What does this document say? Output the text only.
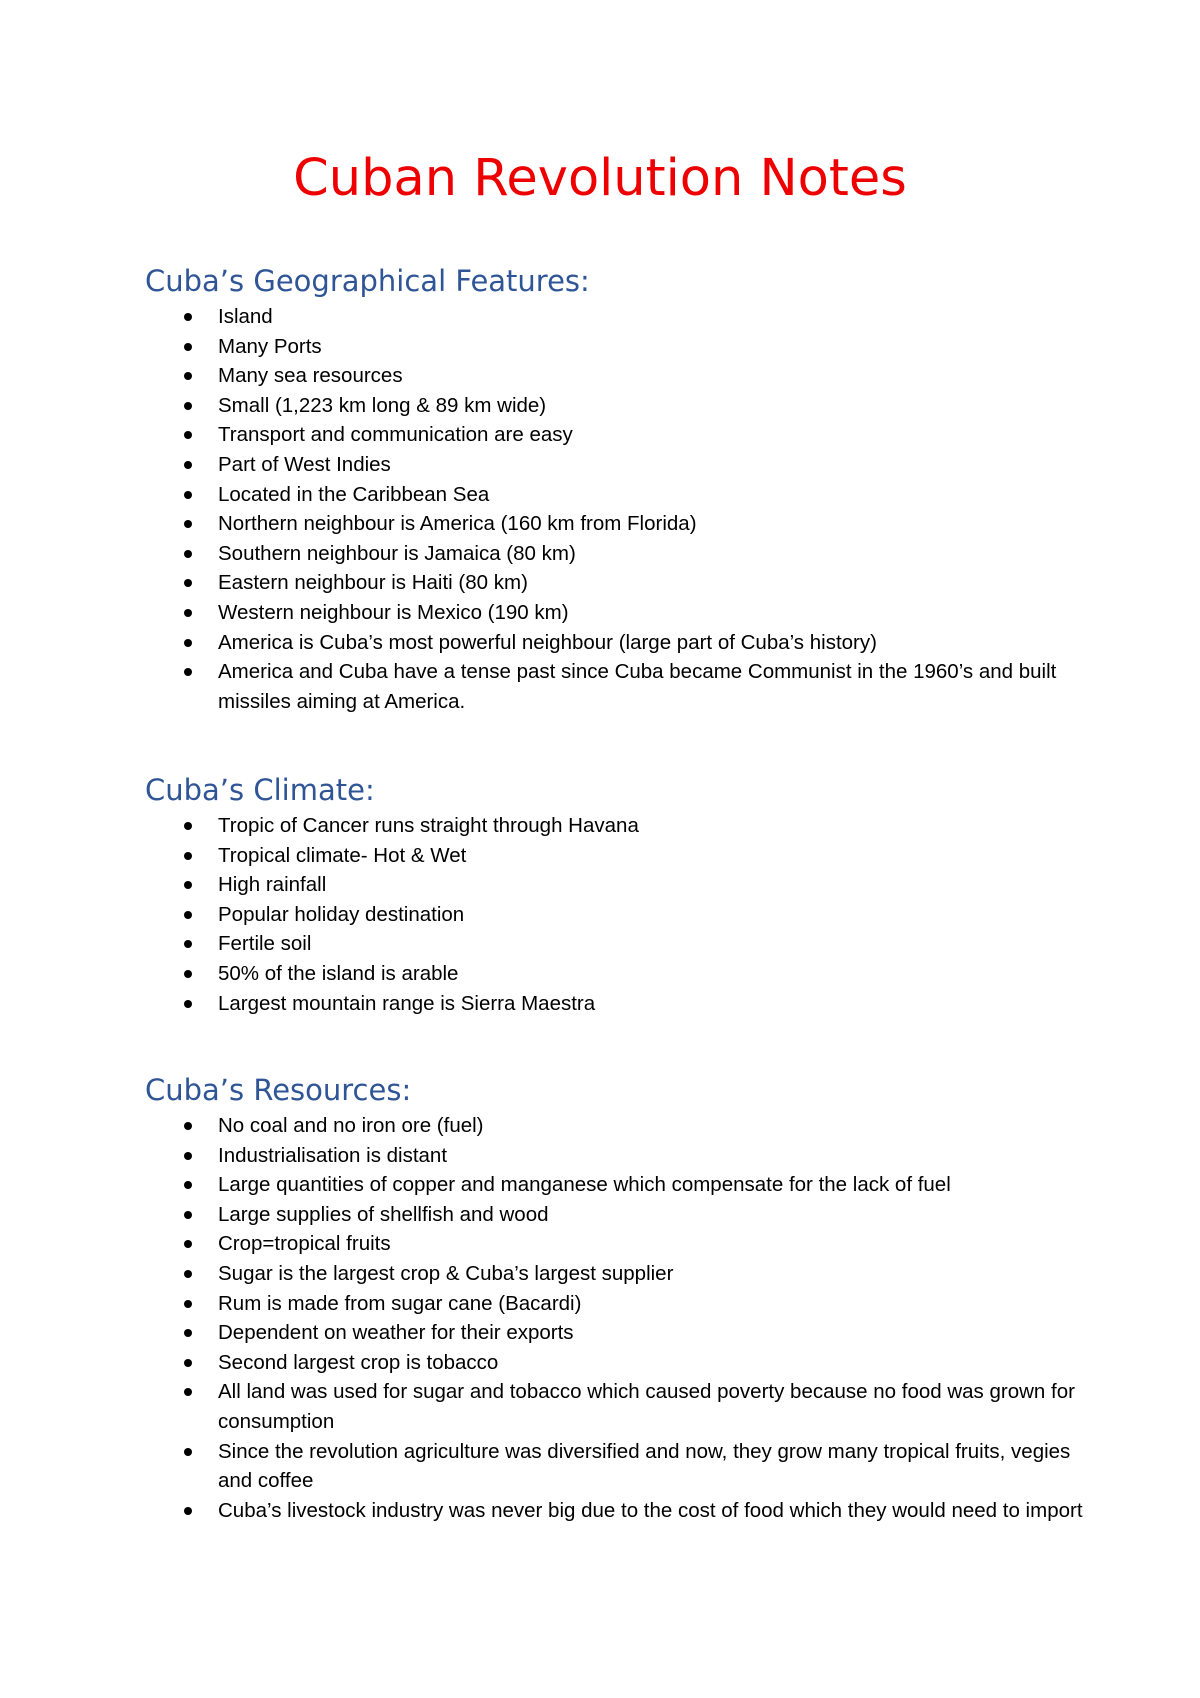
Cuban Revolution Notes
Cuba’s Geographical Features:
Island
Many Ports
Many sea resources
Small (1,223 km long & 89 km wide)
Transport and communication are easy
Part of West Indies
Located in the Caribbean Sea
Northern neighbour is America (160 km from Florida)
Southern neighbour is Jamaica (80 km)
Eastern neighbour is Haiti (80 km)
Western neighbour is Mexico (190 km)
America is Cuba’s most powerful neighbour (large part of Cuba’s history)
America and Cuba have a tense past since Cuba became Communist in the 1960’s and built missiles aiming at America.
Cuba’s Climate:
Tropic of Cancer runs straight through Havana
Tropical climate- Hot & Wet
High rainfall
Popular holiday destination
Fertile soil
50% of the island is arable
Largest mountain range is Sierra Maestra
Cuba’s Resources:
No coal and no iron ore (fuel)
Industrialisation is distant
Large quantities of copper and manganese which compensate for the lack of fuel
Large supplies of shellfish and wood
Crop=tropical fruits
Sugar is the largest crop & Cuba’s largest supplier
Rum is made from sugar cane (Bacardi)
Dependent on weather for their exports
Second largest crop is tobacco
All land was used for sugar and tobacco which caused poverty because no food was grown for consumption
Since the revolution agriculture was diversified and now, they grow many tropical fruits, vegies and coffee
Cuba’s livestock industry was never big due to the cost of food which they would need to import
